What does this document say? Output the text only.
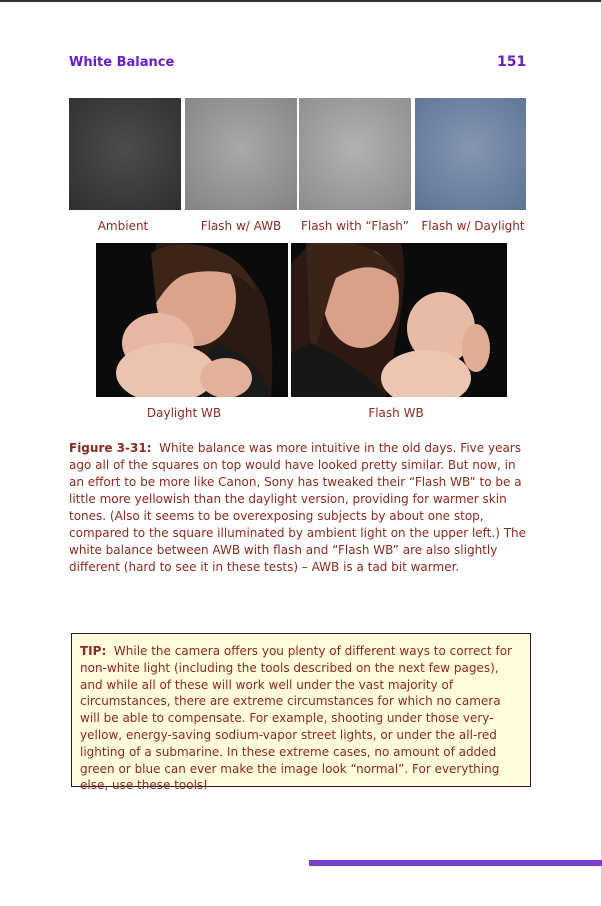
White Balance	151
Ambient	Flash w/ AWB	Flash with “Flash”	Flash w/ Daylight
Daylight WB	Flash WB
Figure 3-31: White balance was more intuitive in the old days. Five years ago all of the squares on top would have looked pretty similar. But now, in an effort to be more like Canon, Sony has tweaked their “Flash WB” to be a little more yellowish than the daylight version, providing for warmer skin tones. (Also it seems to be overexposing subjects by about one stop, compared to the square illuminated by ambient light on the upper left.) The white balance between AWB with flash and “Flash WB” are also slightly different (hard to see it in these tests) – AWB is a tad bit warmer.
TIP: While the camera offers you plenty of different ways to correct for non-white light (including the tools described on the next few pages), and while all of these will work well under the vast majority of circumstances, there are extreme circumstances for which no camera will be able to compensate. For example, shooting under those very-yellow, energy-saving sodium-vapor street lights, or under the all-red lighting of a submarine. In these extreme cases, no amount of added green or blue can ever make the image look “normal”. For everything else, use these tools!
